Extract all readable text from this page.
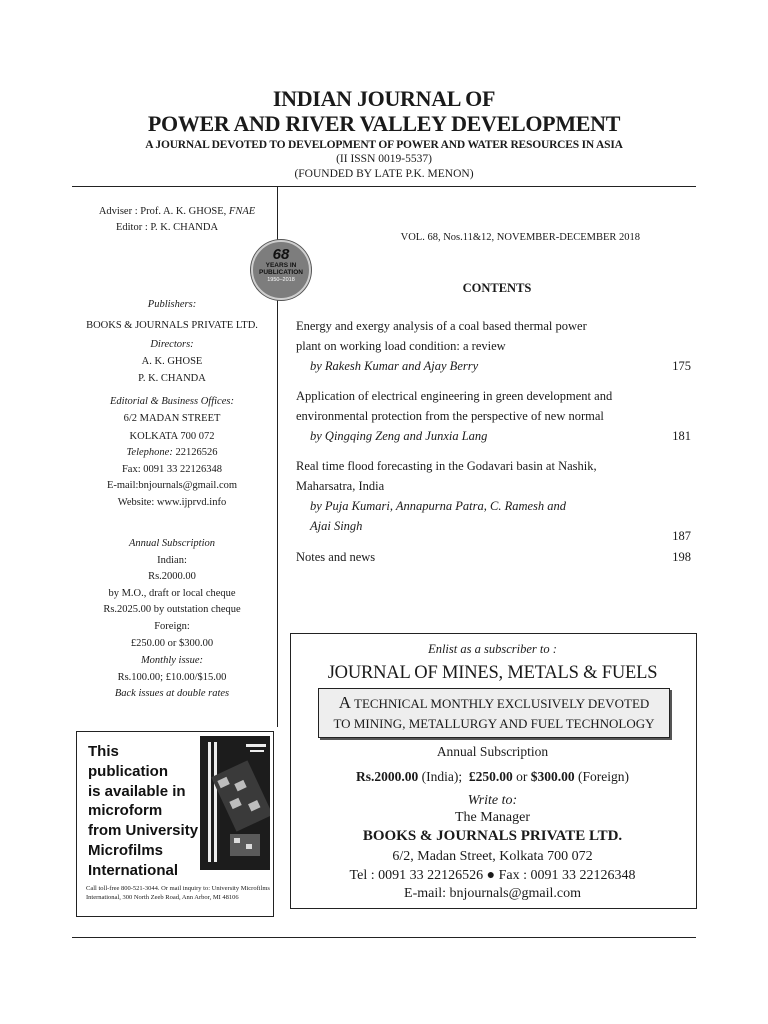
INDIAN JOURNAL OF
POWER AND RIVER VALLEY DEVELOPMENT
A JOURNAL DEVOTED TO DEVELOPMENT OF POWER AND WATER RESOURCES IN ASIA
(II ISSN 0019-5537)
(FOUNDED BY LATE P.K. MENON)
Adviser : Prof. A. K. GHOSE, FNAE
Editor : P. K. CHANDA
68
YEARS IN
PUBLICATION
1950–2018
Publishers:
BOOKS & JOURNALS PRIVATE LTD.
Directors:
A. K. GHOSE
P. K. CHANDA
Editorial & Business Offices:
6/2 MADAN STREET
KOLKATA 700 072
Telephone: 22126526
Fax: 0091 33 22126348
E-mail:bnjournals@gmail.com
Website: www.ijprvd.info
Annual Subscription
Indian:
Rs.2000.00
by M.O., draft or local cheque
Rs.2025.00 by outstation cheque
Foreign:
£250.00 or $300.00
Monthly issue:
Rs.100.00; £10.00/$15.00
Back issues at double rates
This
publication
is available in
microform
from University
Microfilms
International
Call toll-free 800-521-3044. Or mail inquiry to: University Microfilms International, 300 North Zeeb Road, Ann Arbor, MI 48106
VOL. 68, Nos.11&12, NOVEMBER-DECEMBER 2018
CONTENTS
Energy and exergy analysis of a coal based thermal power
plant on working load condition: a review
by Rakesh Kumar and Ajay Berry	175
Application of electrical engineering in green development and
environmental protection from the perspective of new normal
by Qingqing Zeng and Junxia Lang	181
Real time flood forecasting in the Godavari basin at Nashik,
Maharsatra, India
by Puja Kumari, Annapurna Patra, C. Ramesh and
Ajai Singh
187
Notes and news	198
Enlist as a subscriber to :
JOURNAL OF MINES, METALS & FUELS
A TECHNICAL MONTHLY EXCLUSIVELY DEVOTED
TO MINING, METALLURGY AND FUEL TECHNOLOGY
Annual Subscription
Rs.2000.00 (India); £250.00 or $300.00 (Foreign)
Write to:
The Manager
BOOKS & JOURNALS PRIVATE LTD.
6/2, Madan Street, Kolkata 700 072
Tel : 0091 33 22126526 ● Fax : 0091 33 22126348
E-mail: bnjournals@gmail.com
